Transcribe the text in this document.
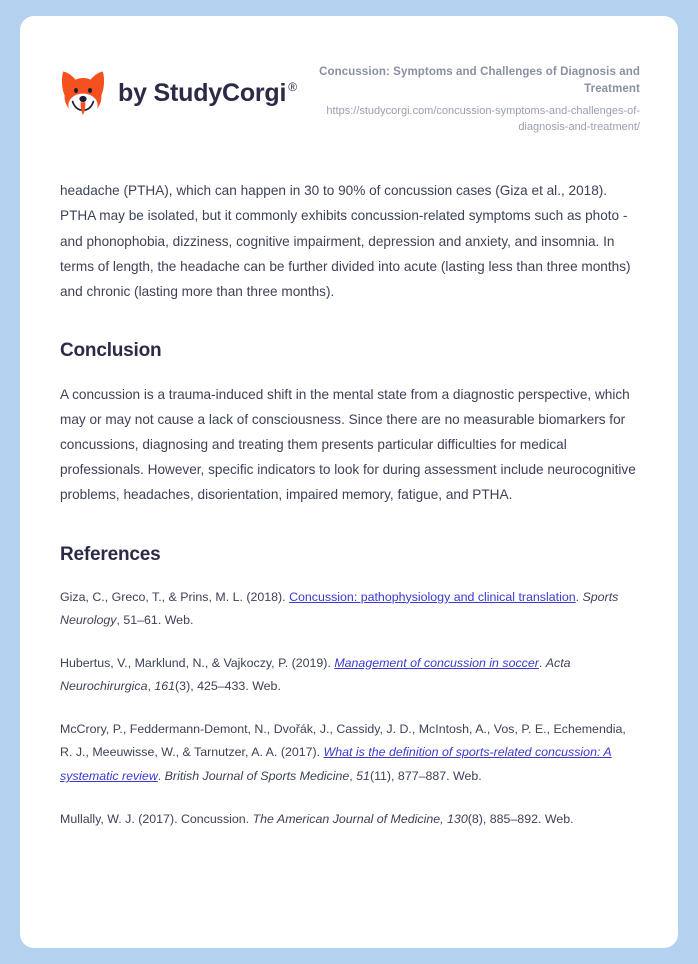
by StudyCorgi ®
Concussion: Symptoms and Challenges of Diagnosis and Treatment
https://studycorgi.com/concussion-symptoms-and-challenges-of-diagnosis-and-treatment/

headache (PTHA), which can happen in 30 to 90% of concussion cases (Giza et al., 2018). PTHA may be isolated, but it commonly exhibits concussion-related symptoms such as photo - and phonophobia, dizziness, cognitive impairment, depression and anxiety, and insomnia. In terms of length, the headache can be further divided into acute (lasting less than three months) and chronic (lasting more than three months).

Conclusion

A concussion is a trauma-induced shift in the mental state from a diagnostic perspective, which may or may not cause a lack of consciousness. Since there are no measurable biomarkers for concussions, diagnosing and treating them presents particular difficulties for medical professionals. However, specific indicators to look for during assessment include neurocognitive problems, headaches, disorientation, impaired memory, fatigue, and PTHA.

References
Giza, C., Greco, T., & Prins, M. L. (2018). Concussion: pathophysiology and clinical translation. Sports Neurology, 51–61. Web.
Hubertus, V., Marklund, N., & Vajkoczy, P. (2019). Management of concussion in soccer. Acta Neurochirurgica, 161(3), 425–433. Web.
McCrory, P., Feddermann-Demont, N., Dvořák, J., Cassidy, J. D., McIntosh, A., Vos, P. E., Echemendia, R. J., Meeuwisse, W., & Tarnutzer, A. A. (2017). What is the definition of sports-related concussion: A systematic review. British Journal of Sports Medicine, 51(11), 877–887. Web.
Mullally, W. J. (2017). Concussion. The American Journal of Medicine, 130(8), 885–892. Web.
